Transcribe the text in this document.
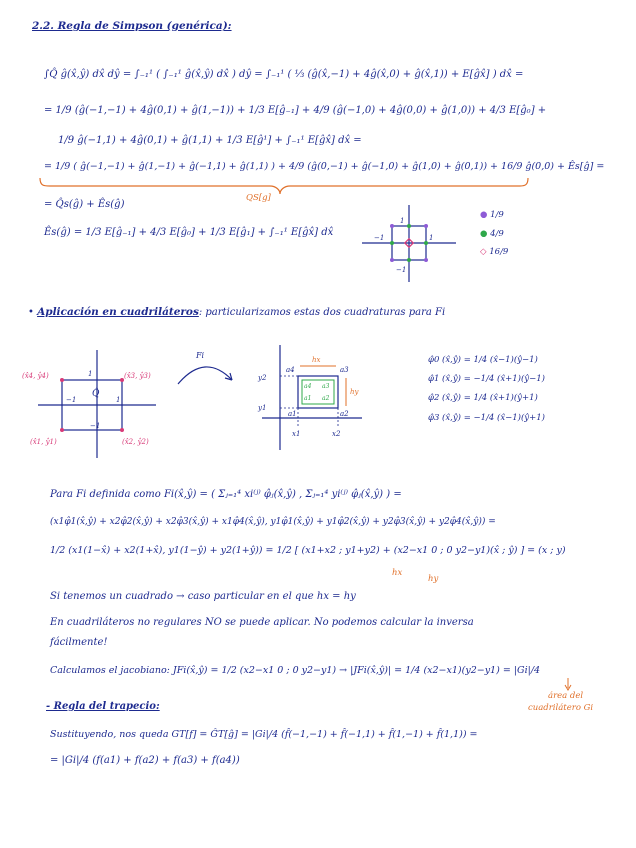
2.2. Regla de Simpson (genérica):
∫Q̂ ĝ(x̂,ŷ) dx̂ dŷ = ∫₋₁¹ ( ∫₋₁¹ ĝ(x̂,ŷ) dx̂ ) dŷ = ∫₋₁¹ ( ⅓ (ĝ(x̂,−1) + 4ĝ(x̂,0) + ĝ(x̂,1)) + E[ĝx̂] ) dx̂ =
= 1/9 (ĝ(−1,−1) + 4ĝ(0,1) + ĝ(1,−1)) + 1/3 E[ĝ₋₁] + 4/9 (ĝ(−1,0) + 4ĝ(0,0) + ĝ(1,0)) + 4/3 E[ĝ₀] +
1/9 ĝ(−1,1) + 4ĝ(0,1) + ĝ(1,1) + 1/3 E[ĝ¹] + ∫₋₁¹ E[ĝx̂] dx̂ =
= 1/9 ( ĝ(−1,−1) + ĝ(1,−1) + ĝ(−1,1) + ĝ(1,1) ) + 4/9 (ĝ(0,−1) + ĝ(−1,0) + ĝ(1,0) + ĝ(0,1)) + 16/9 ĝ(0,0) + Ês[ĝ] =
QS[g]
= Q̂s(ĝ) + Ês(ĝ)
Ês(ĝ) = 1/3 E[ĝ₋₁] + 4/3 E[ĝ₀] + 1/3 E[ĝ₁] + ∫₋₁¹ E[ĝx̂] dx̂
● 1/9
● 4/9
◇ 16/9
• Aplicación en cuadriláteros: particularizamos estas dos cuadraturas para Fi
φ̂0 (x̂,ŷ) = 1/4 (x̂−1)(ŷ−1)
φ̂1 (x̂,ŷ) = −1/4 (x̂+1)(ŷ−1)
φ̂2 (x̂,ŷ) = 1/4 (x̂+1)(ŷ+1)
φ̂3 (x̂,ŷ) = −1/4 (x̂−1)(ŷ+1)
Para Fi definida como Fi(x̂,ŷ) = ( Σⱼ₌₁⁴ xi⁽ʲ⁾ φ̂ⱼ(x̂,ŷ) , Σⱼ₌₁⁴ yi⁽ʲ⁾ φ̂ⱼ(x̂,ŷ) ) =
(x1φ̂1(x̂,ŷ) + x2φ̂2(x̂,ŷ) + x2φ̂3(x̂,ŷ) + x1φ̂4(x̂,ŷ), y1φ̂1(x̂,ŷ) + y1φ̂2(x̂,ŷ) + y2φ̂3(x̂,ŷ) + y2φ̂4(x̂,ŷ)) =
1/2 (x1(1−x̂) + x2(1+x̂), y1(1−ŷ) + y2(1+ŷ)) = 1/2 [ (x1+x2 ; y1+y2) + (x2−x1 0 ; 0 y2−y1)(x̂ ; ŷ) ] = (x ; y)
hx
hy
Si tenemos un cuadrado → caso particular en el que hx = hy
En cuadriláteros no regulares NO se puede aplicar. No podemos calcular la inversa
fácilmente!
Calculamos el jacobiano: JFi(x̂,ŷ) = 1/2 (x2−x1 0 ; 0 y2−y1) → |JFi(x̂,ŷ)| = 1/4 (x2−x1)(y2−y1) = |Gi|/4
área del
cuadrilátero Gi
- Regla del trapecio:
Sustituyendo, nos queda GT[f] = ĜT[ĝ] = |Gi|/4 (f̂(−1,−1) + f̂(−1,1) + f̂(1,−1) + f̂(1,1)) =
= |Gi|/4 (f(a1) + f(a2) + f(a3) + f(a4))
1
−1	1
−1
(x̂4, ŷ4)	(x̂3, ŷ3)
(x̂1, ŷ1)	(x̂2, ŷ2)
Q̂
1
−1	1
−1
Fi	hx
hy
y2
y1
x1	x2
a4	a3
a1	a2
a1 a2
a3
a4
